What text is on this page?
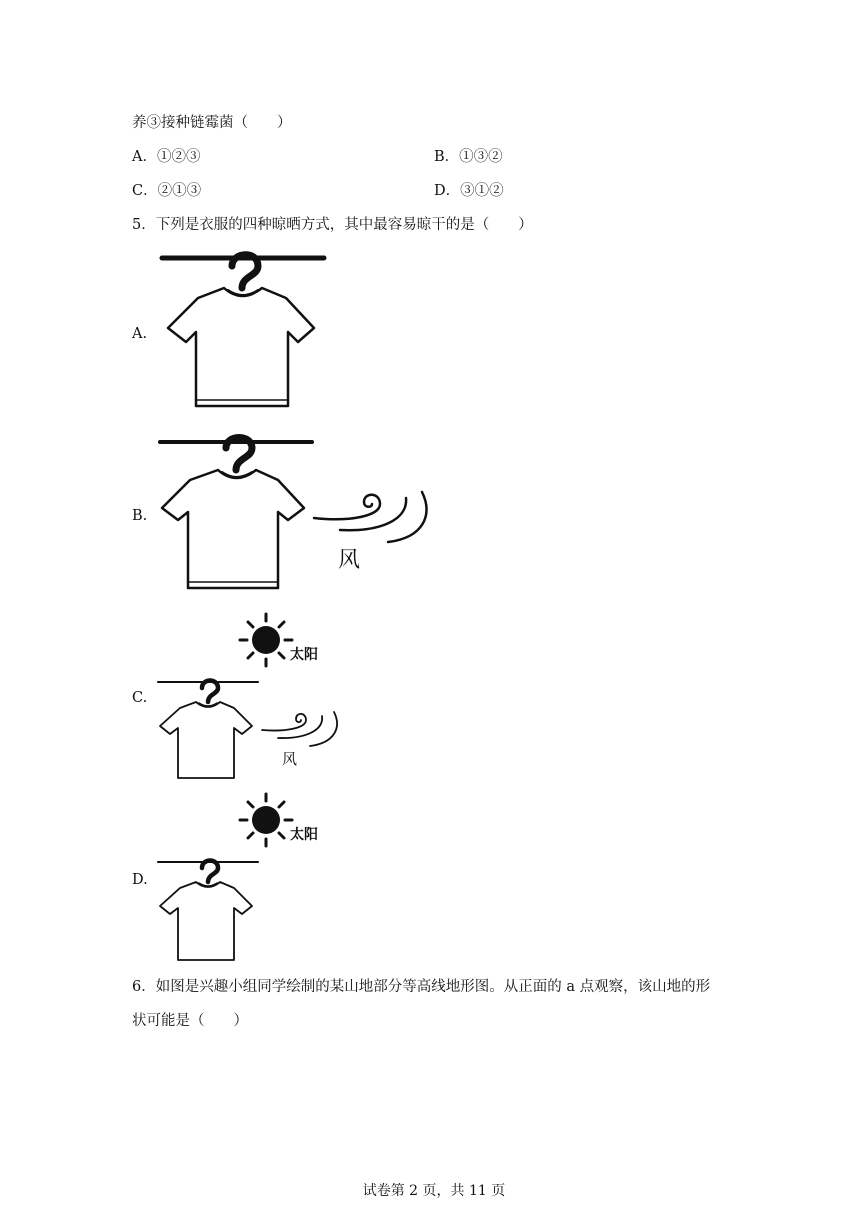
养③接种链霉菌（　　）
A．①②③	B．①③②
C．②①③	D．③①②
5．下列是衣服的四种晾晒方式，其中最容易晾干的是（　　）
A.
B.
风
太阳
C.
风
太阳
D.
6．如图是兴趣小组同学绘制的某山地部分等高线地形图。从正面的 a 点观察，该山地的形
状可能是（　　）
试卷第 2 页，共 11 页
